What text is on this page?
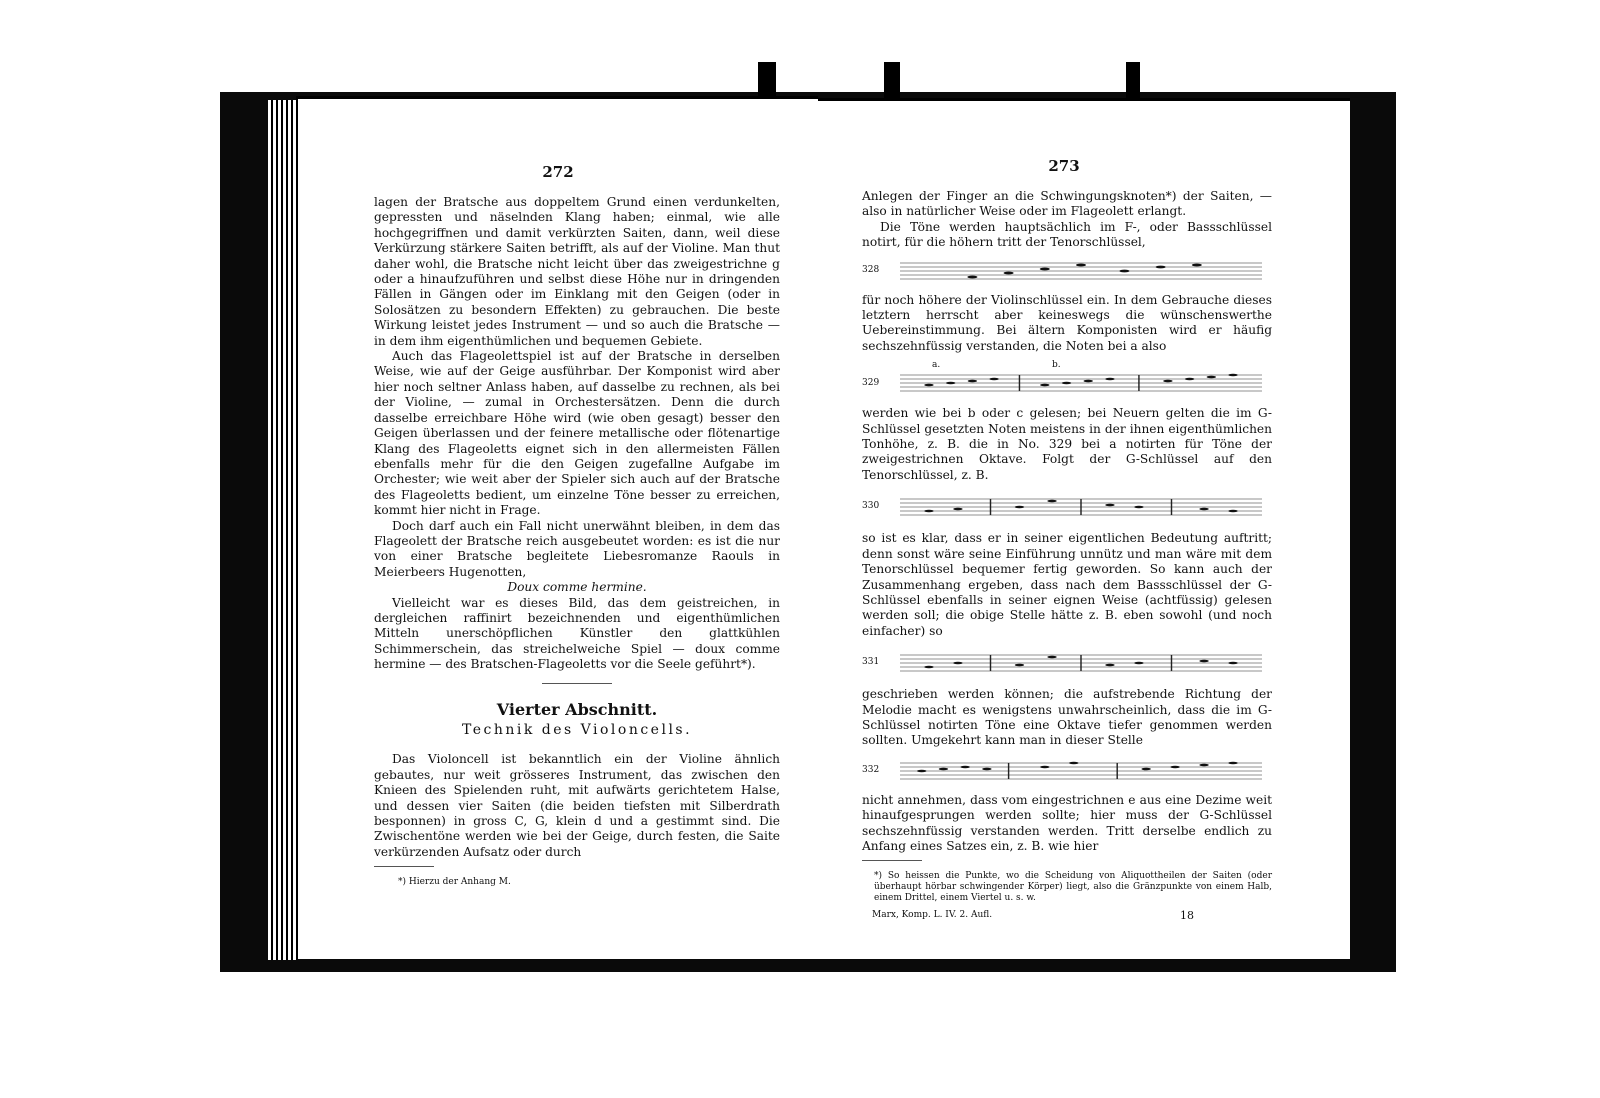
272

lagen der Bratsche aus doppeltem Grund einen verdunkelten, gepressten und näselnden Klang haben; einmal, wie alle hochgegriffnen und damit verkürzten Saiten, dann, weil diese Verkürzung stärkere Saiten betrifft, als auf der Violine. Man thut daher wohl, die Bratsche nicht leicht über das zweigestrichne g oder a hinaufzuführen und selbst diese Höhe nur in dringenden Fällen in Gängen oder im Einklang mit den Geigen (oder in Solosätzen zu besondern Effekten) zu gebrauchen. Die beste Wirkung leistet jedes Instrument — und so auch die Bratsche — in dem ihm eigenthümlichen und bequemen Gebiete.

Auch das Flageolettspiel ist auf der Bratsche in derselben Weise, wie auf der Geige ausführbar. Der Komponist wird aber hier noch seltner Anlass haben, auf dasselbe zu rechnen, als bei der Violine, — zumal in Orchestersätzen. Denn die durch dasselbe erreichbare Höhe wird (wie oben gesagt) besser den Geigen überlassen und der feinere metallische oder flötenartige Klang des Flageoletts eignet sich in den allermeisten Fällen ebenfalls mehr für die den Geigen zugefallne Aufgabe im Orchester; wie weit aber der Spieler sich auch auf der Bratsche des Flageoletts bedient, um einzelne Töne besser zu erreichen, kommt hier nicht in Frage.

Doch darf auch ein Fall nicht unerwähnt bleiben, in dem das Flageolett der Bratsche reich ausgebeutet worden: es ist die nur von einer Bratsche begleitete Liebesromanze Raouls in Meierbeers Hugenotten,

Doux comme hermine.

Vielleicht war es dieses Bild, das dem geistreichen, in dergleichen raffinirt bezeichnenden und eigenthümlichen Mitteln unerschöpflichen Künstler den glattkühlen Schimmerschein, das streichelweiche Spiel — doux comme hermine — des Bratschen-Flageoletts vor die Seele geführt*).

Vierter Abschnitt.
Technik des Violoncells.

Das Violoncell ist bekanntlich ein der Violine ähnlich gebautes, nur weit grösseres Instrument, das zwischen den Knieen des Spielenden ruht, mit aufwärts gerichtetem Halse, und dessen vier Saiten (die beiden tiefsten mit Silberdrath besponnen) in gross C, G, klein d und a gestimmt sind. Die Zwischentöne werden wie bei der Geige, durch festen, die Saite verkürzenden Aufsatz oder durch

*) Hierzu der Anhang M.
273

Anlegen der Finger an die Schwingungsknoten*) der Saiten, — also in natürlicher Weise oder im Flageolett erlangt.

Die Töne werden hauptsächlich im F-, oder Bassschlüssel notirt, für die höhern tritt der Tenorschlüssel,

328

für noch höhere der Violinschlüssel ein. In dem Gebrauche dieses letztern herrscht aber keineswegs die wünschenswerthe Uebereinstimmung. Bei ältern Komponisten wird er häufig sechszehnfüssig verstanden, die Noten bei a also

329
a.	b.

werden wie bei b oder c gelesen; bei Neuern gelten die im G-Schlüssel gesetzten Noten meistens in der ihnen eigenthümlichen Tonhöhe, z. B. die in No. 329 bei a notirten für Töne der zweigestrichnen Oktave. Folgt der G-Schlüssel auf den Tenorschlüssel, z. B.

330

so ist es klar, dass er in seiner eigentlichen Bedeutung auftritt; denn sonst wäre seine Einführung unnütz und man wäre mit dem Tenorschlüssel bequemer fertig geworden. So kann auch der Zusammenhang ergeben, dass nach dem Bassschlüssel der G-Schlüssel ebenfalls in seiner eignen Weise (achtfüssig) gelesen werden soll; die obige Stelle hätte z. B. eben sowohl (und noch einfacher) so

331

geschrieben werden können; die aufstrebende Richtung der Melodie macht es wenigstens unwahrscheinlich, dass die im G-Schlüssel notirten Töne eine Oktave tiefer genommen werden sollten. Umgekehrt kann man in dieser Stelle

332

nicht annehmen, dass vom eingestrichnen e aus eine Dezime weit hinaufgesprungen werden sollte; hier muss der G-Schlüssel sechszehnfüssig verstanden werden. Tritt derselbe endlich zu Anfang eines Satzes ein, z. B. wie hier

*) So heissen die Punkte, wo die Scheidung von Aliquottheilen der Saiten (oder überhaupt hörbar schwingender Körper) liegt, also die Gränzpunkte von einem Halb, einem Drittel, einem Viertel u. s. w.
Marx, Komp. L. IV. 2. Aufl.	18
